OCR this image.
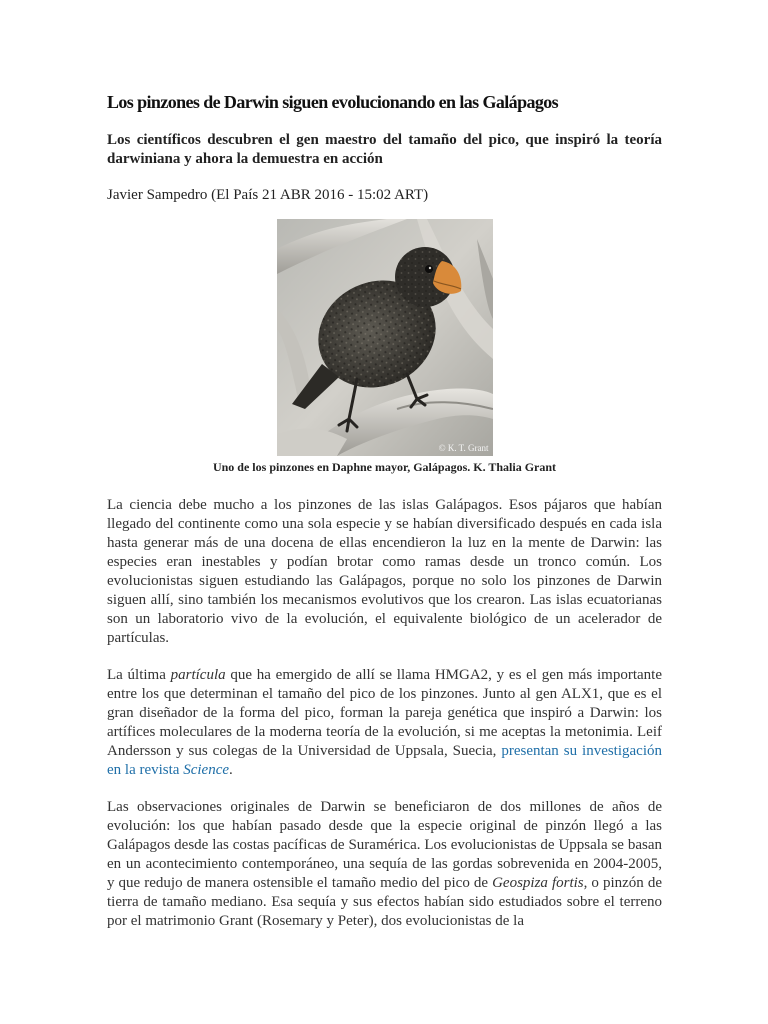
Los pinzones de Darwin siguen evolucionando en las Galápagos

Los científicos descubren el gen maestro del tamaño del pico, que inspiró la teoría darwiniana y ahora la demuestra en acción

Javier Sampedro (El País 21 ABR 2016 - 15:02 ART)

© K. T. Grant

Uno de los pinzones en Daphne mayor, Galápagos. K. Thalia Grant

La ciencia debe mucho a los pinzones de las islas Galápagos. Esos pájaros que habían llegado del continente como una sola especie y se habían diversificado después en cada isla hasta generar más de una docena de ellas encendieron la luz en la mente de Darwin: las especies eran inestables y podían brotar como ramas desde un tronco común. Los evolucionistas siguen estudiando las Galápagos, porque no solo los pinzones de Darwin siguen allí, sino también los mecanismos evolutivos que los crearon. Las islas ecuatorianas son un laboratorio vivo de la evolución, el equivalente biológico de un acelerador de partículas.

La última partícula que ha emergido de allí se llama HMGA2, y es el gen más importante entre los que determinan el tamaño del pico de los pinzones. Junto al gen ALX1, que es el gran diseñador de la forma del pico, forman la pareja genética que inspiró a Darwin: los artífices moleculares de la moderna teoría de la evolución, si me aceptas la metonimia. Leif Andersson y sus colegas de la Universidad de Uppsala, Suecia, presentan su investigación en la revista Science.

Las observaciones originales de Darwin se beneficiaron de dos millones de años de evolución: los que habían pasado desde que la especie original de pinzón llegó a las Galápagos desde las costas pacíficas de Suramérica. Los evolucionistas de Uppsala se basan en un acontecimiento contemporáneo, una sequía de las gordas sobrevenida en 2004-2005, y que redujo de manera ostensible el tamaño medio del pico de Geospiza fortis, o pinzón de tierra de tamaño mediano. Esa sequía y sus efectos habían sido estudiados sobre el terreno por el matrimonio Grant (Rosemary y Peter), dos evolucionistas de la
